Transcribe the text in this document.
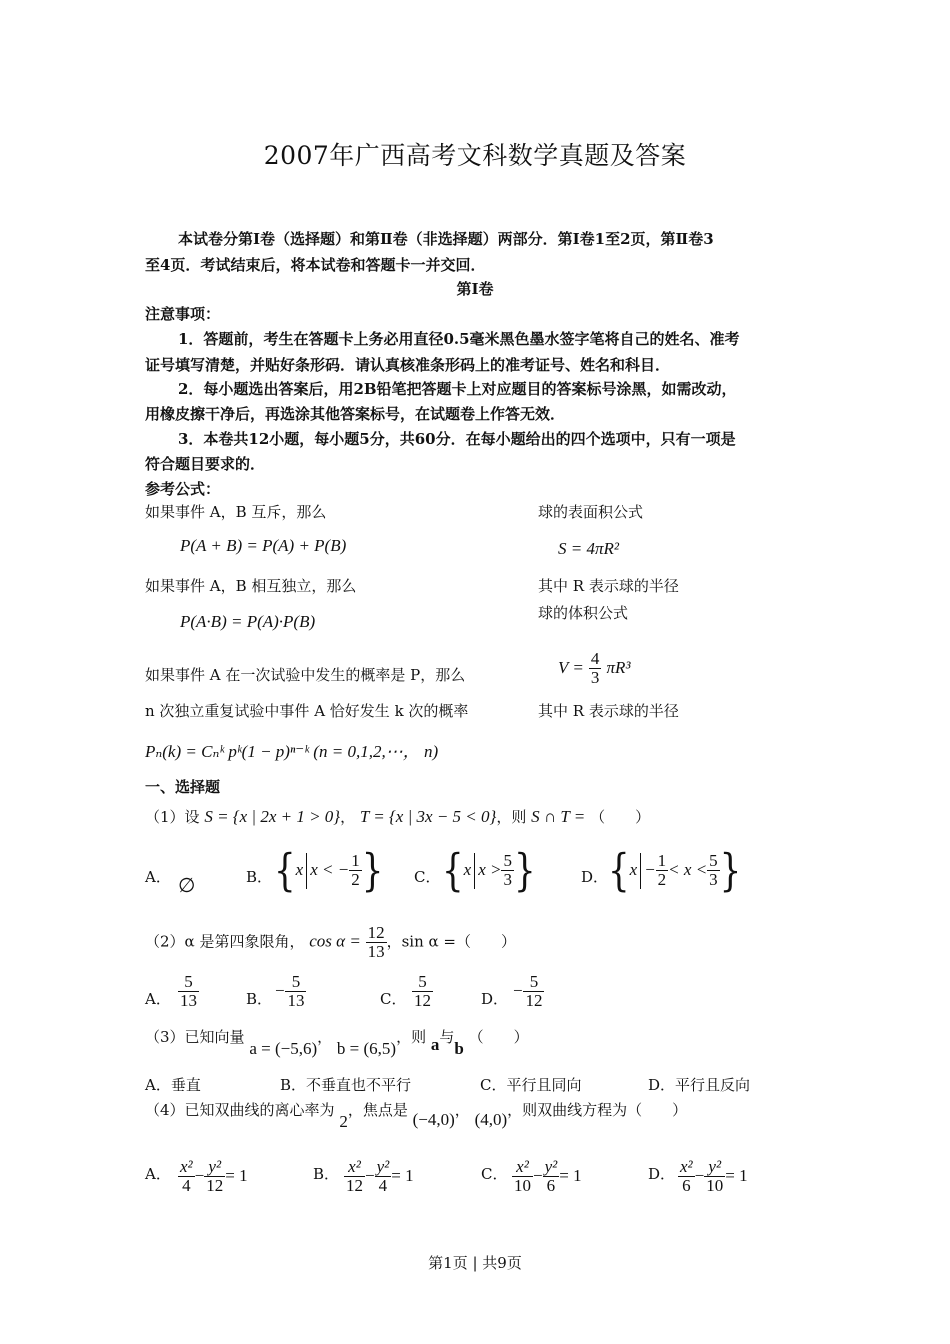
2007年广西高考文科数学真题及答案
本试卷分第Ⅰ卷（选择题）和第Ⅱ卷（非选择题）两部分．第Ⅰ卷1至2页，第Ⅱ卷3
至4页．考试结束后，将本试卷和答题卡一并交回．
第Ⅰ卷
注意事项：
1．答题前，考生在答题卡上务必用直径0.5毫米黑色墨水签字笔将自己的姓名、准考
证号填写清楚，并贴好条形码．请认真核准条形码上的准考证号、姓名和科目．
2．每小题选出答案后，用2B铅笔把答题卡上对应题目的答案标号涂黑，如需改动，
用橡皮擦干净后，再选涂其他答案标号，在试题卷上作答无效．
3．本卷共12小题，每小题5分，共60分．在每小题给出的四个选项中，只有一项是
符合题目要求的．
参考公式：
如果事件 A，B 互斥，那么
P(A + B) = P(A) + P(B)
如果事件 A，B 相互独立，那么
P(A·B) = P(A)·P(B)
如果事件 A 在一次试验中发生的概率是 P，那么
n 次独立重复试验中事件 A 恰好发生 k 次的概率
Pₙ(k) = Cₙᵏ pᵏ(1 − p)ⁿ⁻ᵏ (n = 0,1,2,⋯， n)
球的表面积公式
S = 4πR²
其中 R 表示球的半径
球的体积公式
$V = \frac{4}{3} \pi R^3$
其中 R 表示球的半径
一、选择题
（1）设 S = {x | 2x + 1 > 0}， T = {x | 3x − 5 < 0}，则 S ∩ T = （　　）
A． ∅	B． {x x < − $\frac{1}{2}$ } C． {x $x > \frac{5}{3}$ }	D． {$x - \frac{1}{2} < x < \frac{5}{3}$ }
（2）α 是第四象限角， $\cos \alpha = \frac{12}{13}$ ，sin α =（　　）
A． $\frac{5}{13}$	B． − $\frac{5}{13}$	C． $\frac{5}{12}$	D． − $\frac{5}{12}$
（3）已知向量 a = (−5,6)， b = (6,5)，则 a与b （　　）
A．垂直	B．不垂直也不平行	C．平行且同向	D．平行且反向
（4）已知双曲线的离心率为 2，焦点是 (−4,0)， (4,0)，则双曲线方程为（　　）
A． $\frac{\text{x²}}{4} - \frac{\text{y²}}{12} = 1$	B． $\frac{\text{x²}}{12} - \frac{\text{y²}}{4} = 1$	C． $\frac{\text{x²}}{10} - \frac{\text{y²}}{6} = 1$	D． $\frac{\text{x²}}{6} - \frac{\text{y²}}{10} = 1$
第1页 | 共9页
